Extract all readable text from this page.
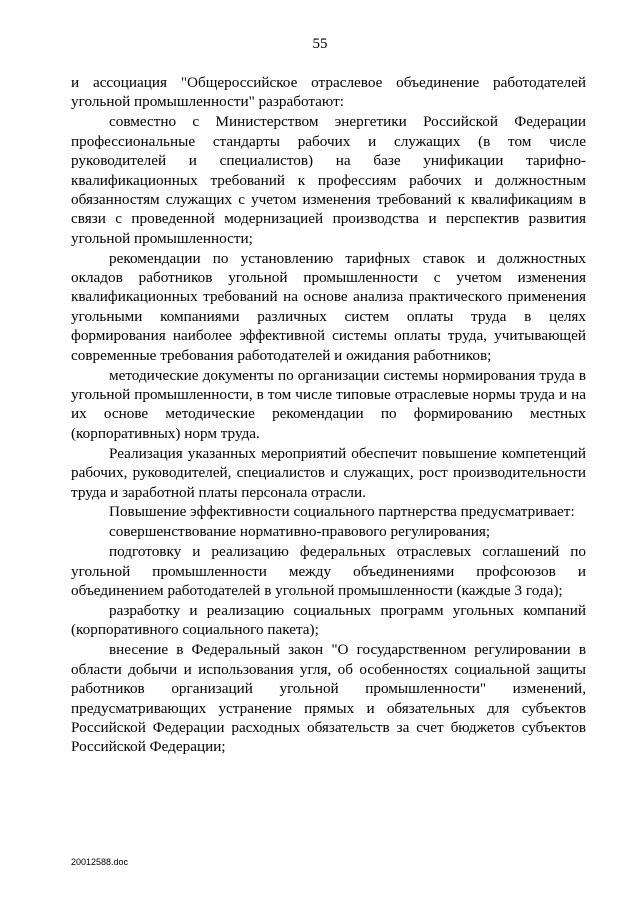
55

и ассоциация "Общероссийское отраслевое объединение работодателей угольной промышленности" разработают:

совместно с Министерством энергетики Российской Федерации профессиональные стандарты рабочих и служащих (в том числе руководителей и специалистов) на базе унификации тарифно-квалификационных требований к профессиям рабочих и должностным обязанностям служащих с учетом изменения требований к квалификациям в связи с проведенной модернизацией производства и перспектив развития угольной промышленности;

рекомендации по установлению тарифных ставок и должностных окладов работников угольной промышленности с учетом изменения квалификационных требований на основе анализа практического применения угольными компаниями различных систем оплаты труда в целях формирования наиболее эффективной системы оплаты труда, учитывающей современные требования работодателей и ожидания работников;

методические документы по организации системы нормирования труда в угольной промышленности, в том числе типовые отраслевые нормы труда и на их основе методические рекомендации по формированию местных (корпоративных) норм труда.

Реализация указанных мероприятий обеспечит повышение компетенций рабочих, руководителей, специалистов и служащих, рост производительности труда и заработной платы персонала отрасли.

Повышение эффективности социального партнерства предусматривает:

совершенствование нормативно-правового регулирования;

подготовку и реализацию федеральных отраслевых соглашений по угольной промышленности между объединениями профсоюзов и объединением работодателей в угольной промышленности (каждые 3 года);

разработку и реализацию социальных программ угольных компаний (корпоративного социального пакета);

внесение в Федеральный закон "О государственном регулировании в области добычи и использования угля, об особенностях социальной защиты работников организаций угольной промышленности" изменений, предусматривающих устранение прямых и обязательных для субъектов Российской Федерации расходных обязательств за счет бюджетов субъектов Российской Федерации;

20012588.doc
